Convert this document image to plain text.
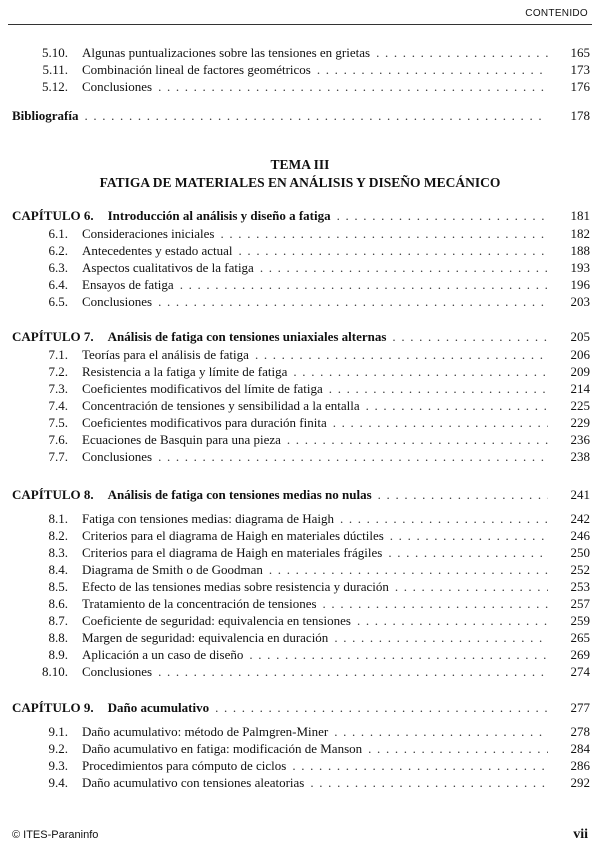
CONTENIDO
5.10. Algunas puntualizaciones sobre las tensiones en grietas . . .	165
5.11. Combinación lineal de factores geométricos . . .	173
5.12. Conclusiones . . .	176
Bibliografía . . .	178
TEMA III
FATIGA DE MATERIALES EN ANÁLISIS Y DISEÑO MECÁNICO
CAPÍTULO 6. Introducción al análisis y diseño a fatiga . . .	181
6.1. Consideraciones iniciales . . .	182
6.2. Antecedentes y estado actual . . .	188
6.3. Aspectos cualitativos de la fatiga . . .	193
6.4. Ensayos de fatiga . . .	196
6.5. Conclusiones . . .	203
CAPÍTULO 7. Análisis de fatiga con tensiones uniaxiales alternas . . .	205
7.1. Teorías para el análisis de fatiga . . .	206
7.2. Resistencia a la fatiga y límite de fatiga . . .	209
7.3. Coeficientes modificativos del límite de fatiga . . .	214
7.4. Concentración de tensiones y sensibilidad a la entalla . . .	225
7.5. Coeficientes modificativos para duración finita . . .	229
7.6. Ecuaciones de Basquin para una pieza . . .	236
7.7. Conclusiones . . .	238
CAPÍTULO 8. Análisis de fatiga con tensiones medias no nulas . . .	241
8.1. Fatiga con tensiones medias: diagrama de Haigh . . .	242
8.2. Criterios para el diagrama de Haigh en materiales dúctiles . . .	246
8.3. Criterios para el diagrama de Haigh en materiales frágiles . . .	250
8.4. Diagrama de Smith o de Goodman . . .	252
8.5. Efecto de las tensiones medias sobre resistencia y duración . . .	253
8.6. Tratamiento de la concentración de tensiones . . .	257
8.7. Coeficiente de seguridad: equivalencia en tensiones . . .	259
8.8. Margen de seguridad: equivalencia en duración . . .	265
8.9. Aplicación a un caso de diseño . . .	269
8.10. Conclusiones . . .	274
CAPÍTULO 9. Daño acumulativo . . .	277
9.1. Daño acumulativo: método de Palmgren-Miner . . .	278
9.2. Daño acumulativo en fatiga: modificación de Manson . . .	284
9.3. Procedimientos para cómputo de ciclos . . .	286
9.4. Daño acumulativo con tensiones aleatorias . . .	292
© ITES-Paraninfo	vii
